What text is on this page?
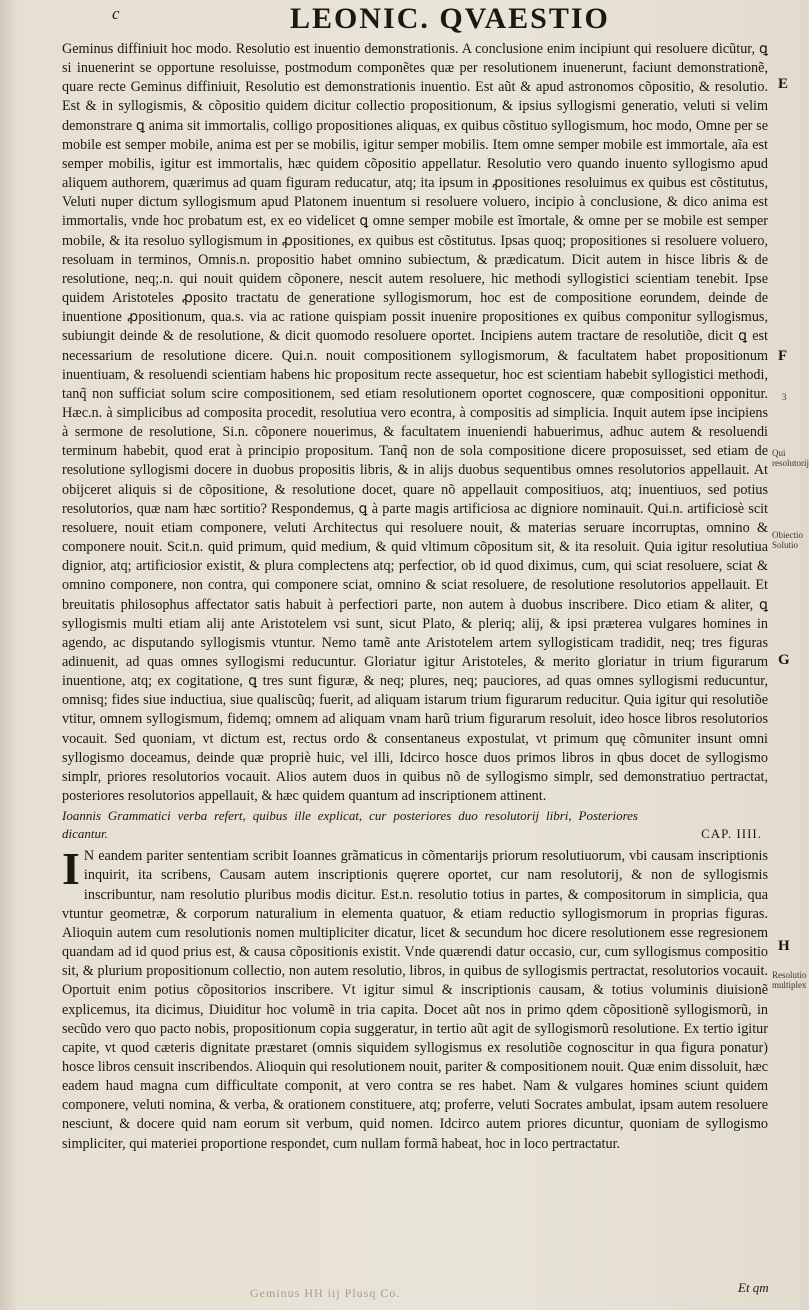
c	LEONIC. QVAESTIO

Geminus diffiniuit hoc modo. Resolutio est inuentio demonstrationis. A conclusione enim incipiunt qui resoluere dicũtur, ꝗ si inuenerint se opportune resoluisse, postmodum componẽtes quæ per resolutionem inuenerunt, faciunt demonstrationẽ, quare recte Geminus diffiniuit, Resolutio est demonstrationis inuentio. Est aũt & apud astronomos cõpositio, & resolutio. Est & in syllogismis, & cõpositio quidem dicitur collectio propositionum, & ipsius syllogismi generatio, veluti si velim demonstrare ꝗ anima sit immortalis, colligo propositiones aliquas, ex quibus cõstituo syllogismum, hoc modo, Omne per se mobile est semper mobile, anima est per se mobilis, igitur semper mobilis. Item omne semper mobile est immortale, aĩa est semper mobilis, igitur est immortalis, hæc quidem cõpositio appellatur. Resolutio vero quando inuento syllogismo apud aliquem authorem, quærimus ad quam figuram reducatur, atq; ita ipsum in ꝓpositiones resoluimus ex quibus est cõstitutus, Veluti nuper dictum syllogismum apud Platonem inuentum si resoluere voluero, incipio à conclusione, & dico anima est immortalis, vnde hoc probatum est, ex eo videlicet ꝗ omne semper mobile est ĩmortale, & omne per se mobile est semper mobile, & ita resoluo syllogismum in ꝓpositiones, ex quibus est cõstitutus. Ipsas quoq; propositiones si resoluere voluero, resoluam in terminos, Omnis.n. propositio habet omnino subiectum, & prædicatum. Dicit autem in hisce libris & de resolutione, neq;.n. qui nouit quidem cõponere, nescit autem resoluere, hic methodi syllogistici scientiam tenebit. Ipse quidem Aristoteles ꝓposito tractatu de generatione syllogismorum, hoc est de compositione eorundem, deinde de inuentione ꝓpositionum, qua.s. via ac ratione quispiam possit inuenire propositiones ex quibus componitur syllogismus, subiungit deinde & de resolutione, & dicit quomodo resoluere oportet. Incipiens autem tractare de resolutiõe, dicit ꝗ est necessarium de resolutione dicere. Qui.n. nouit compositionem syllogismorum, & facultatem habet propositionum inuentiuam, & resoluendi scientiam habens hic propositum recte assequetur, hoc est scientiam habebit syllogistici methodi, tanq̃ non sufficiat solum scire compositionem, sed etiam resolutionem oportet cognoscere, quæ compositioni opponitur. Hæc.n. à simplicibus ad composita procedit, resolutiua vero econtra, à compositis ad simplicia. Inquit autem ipse incipiens à sermone de resolutione, Si.n. cõponere nouerimus, & facultatem inueniendi habuerimus, adhuc autem & resoluendi terminum habebit, quod erat à principio propositum. Tanq̃ non de sola compositione dicere proposuisset, sed etiam de resolutione syllogismi docere in duobus propositis libris, & in alijs duobus sequentibus omnes resolutorios appellauit. At obijceret aliquis si de cõpositione, & resolutione docet, quare nõ appellauit compositiuos, atq; inuentiuos, sed potius resolutorios, quæ nam hæc sortitio? Respondemus, ꝗ à parte magis artificiosa ac digniore nominauit. Qui.n. artificiosè scit resoluere, nouit etiam componere, veluti Architectus qui resoluere nouit, & materias seruare incorruptas, omnino & componere nouit. Scit.n. quid primum, quid medium, & quid vltimum cõpositum sit, & ita resoluit. Quia igitur resolutiua dignior, atq; artificiosior existit, & plura complectens atq; perfectior, ob id quod diximus, cum, qui sciat resoluere, sciat & omnino componere, non contra, qui componere sciat, omnino & sciat resoluere, de resolutione resolutorios appellauit. Et breuitatis philosophus affectator satis habuit à perfectiori parte, non autem à duobus inscribere. Dico etiam & aliter, ꝗ syllogismis multi etiam alij ante Aristotelem vsi sunt, sicut Plato, & pleriq; alij, & ipsi præterea vulgares homines in agendo, ac disputando syllogismis vtuntur. Nemo tamẽ ante Aristotelem artem syllogisticam tradidit, neq; tres figuras adinuenit, ad quas omnes syllogismi reducuntur. Gloriatur igitur Aristoteles, & merito gloriatur in trium figurarum inuentione, atq; ex cogitatione, ꝗ tres sunt figuræ, & neq; plures, neq; pauciores, ad quas omnes syllogismi reducuntur, omnisq; fides siue inductiua, siue qualiscũq; fuerit, ad aliquam istarum trium figurarum reducitur. Quia igitur qui resolutiõe vtitur, omnem syllogismum, fidemq; omnem ad aliquam vnam harũ trium figurarum resoluit, ideo hosce libros resolutorios vocauit. Sed quoniam, vt dictum est, rectus ordo & consentaneus expostulat, vt primum quę cõmuniter insunt omni syllogismo doceamus, deinde quæ propriè huic, vel illi, Idcirco hosce duos primos libros in qbus docet de syllogismo simplr, priores resolutorios vocauit. Alios autem duos in quibus nõ de syllogismo simplr, sed demonstratiuo pertractat, posteriores resolutorios appellauit, & hæc quidem quantum ad inscriptionem attinent.

Ioannis Grammatici verba refert, quibus ille explicat, cur posteriores duo resolutorij libri, Posteriores dicantur.	CAP. IIII.

I N eandem pariter sententiam scribit Ioannes grãmaticus in cõmentarijs priorum resolutiuorum, vbi causam inscriptionis inquirit, ita scribens, Causam autem inscriptionis quęrere oportet, cur nam resolutorij, & non de syllogismis inscribuntur, nam resolutio pluribus modis dicitur. Est.n. resolutio totius in partes, & compositorum in simplicia, qua vtuntur geometræ, & corporum naturalium in elementa quatuor, & etiam reductio syllogismorum in proprias figuras. Alioquin autem cum resolutionis nomen multipliciter dicatur, licet & secundum hoc dicere resolutionem esse regresionem quandam ad id quod prius est, & causa cõpositionis existit. Vnde quærendi datur occasio, cur, cum syllogismus compositio sit, & plurium propositionum collectio, non autem resolutio, libros, in quibus de syllogismis pertractat, resolutorios vocauit. Oportuit enim potius cõpositorios inscribere. Vt igitur simul & inscriptionis causam, & totius voluminis diuisionẽ explicemus, ita dicimus, Diuiditur hoc volumẽ in tria capita. Docet aũt nos in primo qdem cõpositionẽ syllogismorũ, in secũdo vero quo pacto nobis, propositionum copia suggeratur, in tertio aũt agit de syllogismorũ resolutione. Ex tertio igitur capite, vt quod cæteris dignitate præstaret (omnis siquidem syllogismus ex resolutiõe cognoscitur in qua figura ponatur) hosce libros censuit inscribendos. Alioquin qui resolutionem nouit, pariter & compositionem nouit. Quæ enim dissoluit, hæc eadem haud magna cum difficultate componit, at vero contra se res habet. Nam & vulgares homines sciunt quidem componere, veluti nomina, & verba, & orationem constituere, atq; proferre, veluti Socrates ambulat, ipsam autem resoluere nesciunt, & docere quid nam eorum sit verbum, quid nomen. Idcirco autem priores dicuntur, quoniam de syllogismo simpliciter, qui materiei proportione respondet, cum nullam formã habeat, hoc in loco pertractatur.

E
F
3
Qui resolutorij
Obiectio Solutio
G
H
Resolutio multiplex
Geminus HH iij Plusq Co.	Et qm
